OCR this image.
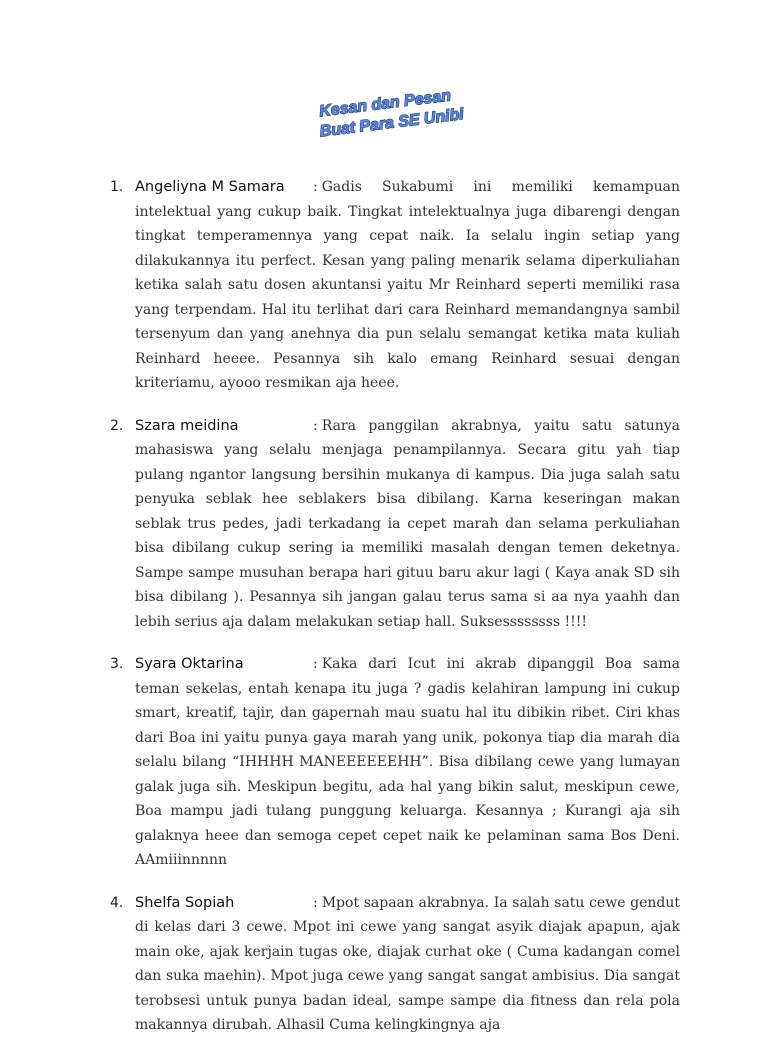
Kesan dan Pesan
Buat Para SE Unibi
1. Angeliyna M Samara : Gadis Sukabumi ini memiliki kemampuan intelektual yang cukup baik. Tingkat intelektualnya juga dibarengi dengan tingkat temperamennya yang cepat naik. Ia selalu ingin setiap yang dilakukannya itu perfect. Kesan yang paling menarik selama diperkuliahan ketika salah satu dosen akuntansi yaitu Mr Reinhard seperti memiliki rasa yang terpendam. Hal itu terlihat dari cara Reinhard memandangnya sambil tersenyum dan yang anehnya dia pun selalu semangat ketika mata kuliah Reinhard heeee. Pesannya sih kalo emang Reinhard sesuai dengan kriteriamu, ayooo resmikan aja heee.
2. Szara meidina	: Rara panggilan akrabnya, yaitu satu satunya mahasiswa yang selalu menjaga penampilannya. Secara gitu yah tiap pulang ngantor langsung bersihin mukanya di kampus. Dia juga salah satu penyuka seblak hee seblakers bisa dibilang. Karna keseringan makan seblak trus pedes, jadi terkadang ia cepet marah dan selama perkuliahan bisa dibilang cukup sering ia memiliki masalah dengan temen deketnya. Sampe sampe musuhan berapa hari gituu baru akur lagi ( Kaya anak SD sih bisa dibilang ). Pesannya sih jangan galau terus sama si aa nya yaahh dan lebih serius aja dalam melakukan setiap hall. Suksessssssss !!!!
3. Syara Oktarina	: Kaka dari Icut ini akrab dipanggil Boa sama teman sekelas, entah kenapa itu juga ? gadis kelahiran lampung ini cukup smart, kreatif, tajir, dan gapernah mau suatu hal itu dibikin ribet. Ciri khas dari Boa ini yaitu punya gaya marah yang unik, pokonya tiap dia marah dia selalu bilang “IHHHH MANEEEEEEHH”. Bisa dibilang cewe yang lumayan galak juga sih. Meskipun begitu, ada hal yang bikin salut, meskipun cewe, Boa mampu jadi tulang punggung keluarga. Kesannya ; Kurangi aja sih galaknya heee dan semoga cepet cepet naik ke pelaminan sama Bos Deni. AAmiiinnnnn
4. Shelfa Sopiah	: Mpot sapaan akrabnya. Ia salah satu cewe gendut di kelas dari 3 cewe. Mpot ini cewe yang sangat asyik diajak apapun, ajak main oke, ajak kerjain tugas oke, diajak curhat oke ( Cuma kadangan comel dan suka maehin). Mpot juga cewe yang sangat sangat ambisius. Dia sangat terobsesi untuk punya badan ideal, sampe sampe dia fitness dan rela pola makannya dirubah. Alhasil Cuma kelingkingnya aja
